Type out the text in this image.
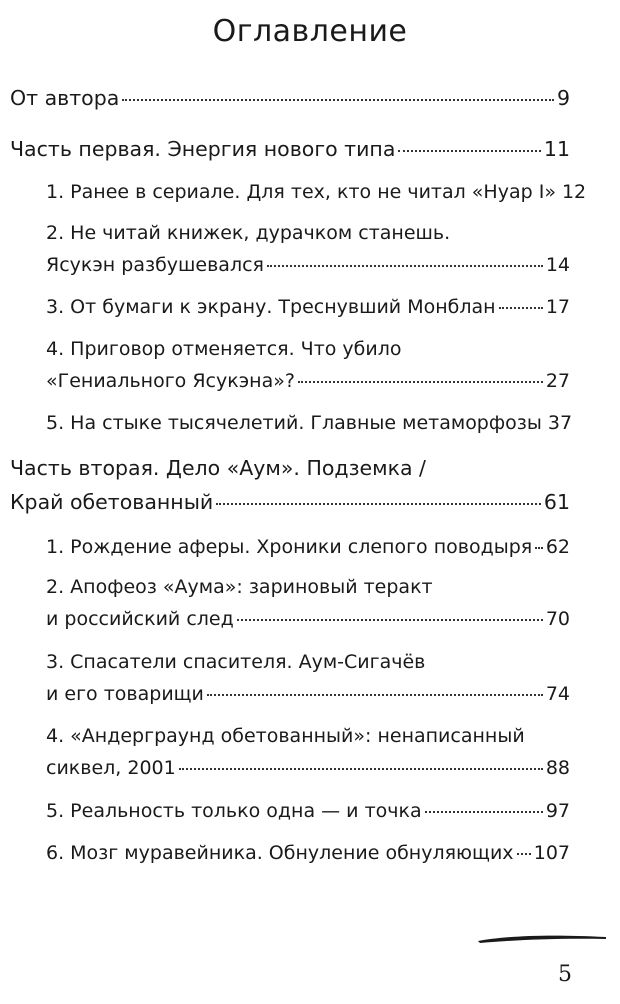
Оглавление
От автора	9
Часть первая. Энергия нового типа	11
1. Ранее в сериале. Для тех, кто не читал «Нуар I» 12
2. Не читай книжек, дурачком станешь.
Ясукэн разбушевался	14
3. От бумаги к экрану. Треснувший Монблан	17
4. Приговор отменяется. Что убило
«Гениального Ясукэна»?	27
5. На стыке тысячелетий. Главные метаморфозы 37
Часть вторая. Дело «Аум». Подземка /
Край обетованный	61
1. Рождение аферы. Хроники слепого поводыря 62
2. Апофеоз «Аума»: зариновый теракт
и российский след	70
3. Спасатели спасителя. Аум-Сигачёв
и его товарищи	74
4. «Андерграунд обетованный»: ненаписанный
сиквел, 2001	88
5. Реальность только одна — и точка	97
6. Мозг муравейника. Обнуление обнуляющих 107
5
